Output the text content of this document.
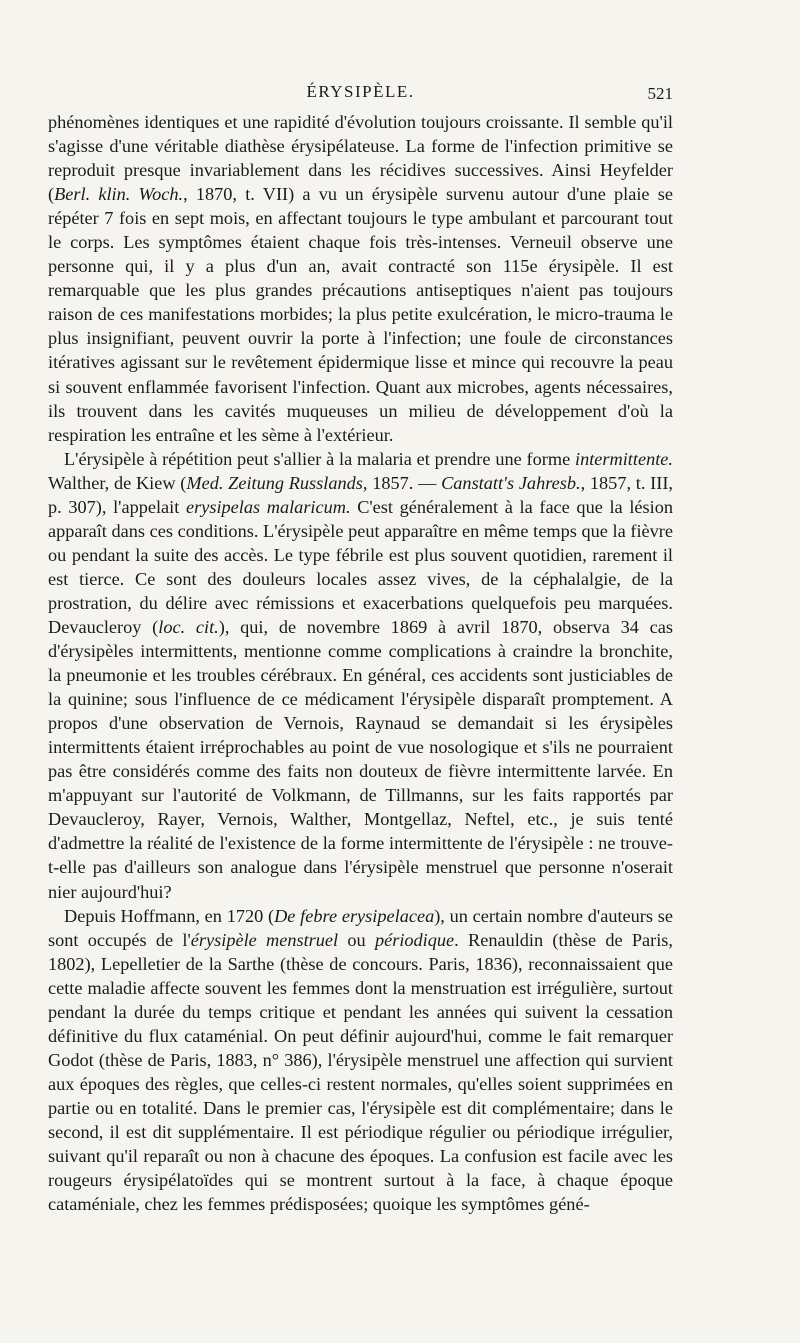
ÉRYSIPÈLE.	521

phénomènes identiques et une rapidité d'évolution toujours croissante. Il semble qu'il s'agisse d'une véritable diathèse érysipélateuse. La forme de l'infection primitive se reproduit presque invariablement dans les récidives successives. Ainsi Heyfelder (Berl. klin. Woch., 1870, t. VII) a vu un érysipèle survenu autour d'une plaie se répéter 7 fois en sept mois, en affectant toujours le type ambulant et parcourant tout le corps. Les symptômes étaient chaque fois très-intenses. Verneuil observe une personne qui, il y a plus d'un an, avait contracté son 115e érysipèle. Il est remarquable que les plus grandes précautions antiseptiques n'aient pas toujours raison de ces manifestations morbides; la plus petite exulcération, le micro-trauma le plus insignifiant, peuvent ouvrir la porte à l'infection; une foule de circonstances itératives agissant sur le revêtement épidermique lisse et mince qui recouvre la peau si souvent enflammée favorisent l'infection. Quant aux microbes, agents nécessaires, ils trouvent dans les cavités muqueuses un milieu de développement d'où la respiration les entraîne et les sème à l'extérieur.

L'érysipèle à répétition peut s'allier à la malaria et prendre une forme intermittente. Walther, de Kiew (Med. Zeitung Russlands, 1857. — Canstatt's Jahresb., 1857, t. III, p. 307), l'appelait erysipelas malaricum. C'est généralement à la face que la lésion apparaît dans ces conditions. L'érysipèle peut apparaître en même temps que la fièvre ou pendant la suite des accès. Le type fébrile est plus souvent quotidien, rarement il est tierce. Ce sont des douleurs locales assez vives, de la céphalalgie, de la prostration, du délire avec rémissions et exacerbations quelquefois peu marquées. Devaucleroy (loc. cit.), qui, de novembre 1869 à avril 1870, observa 34 cas d'érysipèles intermittents, mentionne comme complications à craindre la bronchite, la pneumonie et les troubles cérébraux. En général, ces accidents sont justiciables de la quinine; sous l'influence de ce médicament l'érysipèle disparaît promptement. A propos d'une observation de Vernois, Raynaud se demandait si les érysipèles intermittents étaient irréprochables au point de vue nosologique et s'ils ne pourraient pas être considérés comme des faits non douteux de fièvre intermittente larvée. En m'appuyant sur l'autorité de Volkmann, de Tillmanns, sur les faits rapportés par Devaucleroy, Rayer, Vernois, Walther, Montgellaz, Neftel, etc., je suis tenté d'admettre la réalité de l'existence de la forme intermittente de l'érysipèle : ne trouve-t-elle pas d'ailleurs son analogue dans l'érysipèle menstruel que personne n'oserait nier aujourd'hui?

Depuis Hoffmann, en 1720 (De febre erysipelacea), un certain nombre d'auteurs se sont occupés de l'érysipèle menstruel ou périodique. Renauldin (thèse de Paris, 1802), Lepelletier de la Sarthe (thèse de concours. Paris, 1836), reconnaissaient que cette maladie affecte souvent les femmes dont la menstruation est irrégulière, surtout pendant la durée du temps critique et pendant les années qui suivent la cessation définitive du flux cataménial. On peut définir aujourd'hui, comme le fait remarquer Godot (thèse de Paris, 1883, n° 386), l'érysipèle menstruel une affection qui survient aux époques des règles, que celles-ci restent normales, qu'elles soient supprimées en partie ou en totalité. Dans le premier cas, l'érysipèle est dit complémentaire; dans le second, il est dit supplémentaire. Il est périodique régulier ou périodique irrégulier, suivant qu'il reparaît ou non à chacune des époques. La confusion est facile avec les rougeurs érysipélatoïdes qui se montrent surtout à la face, à chaque époque cataméniale, chez les femmes prédisposées; quoique les symptômes géné-
